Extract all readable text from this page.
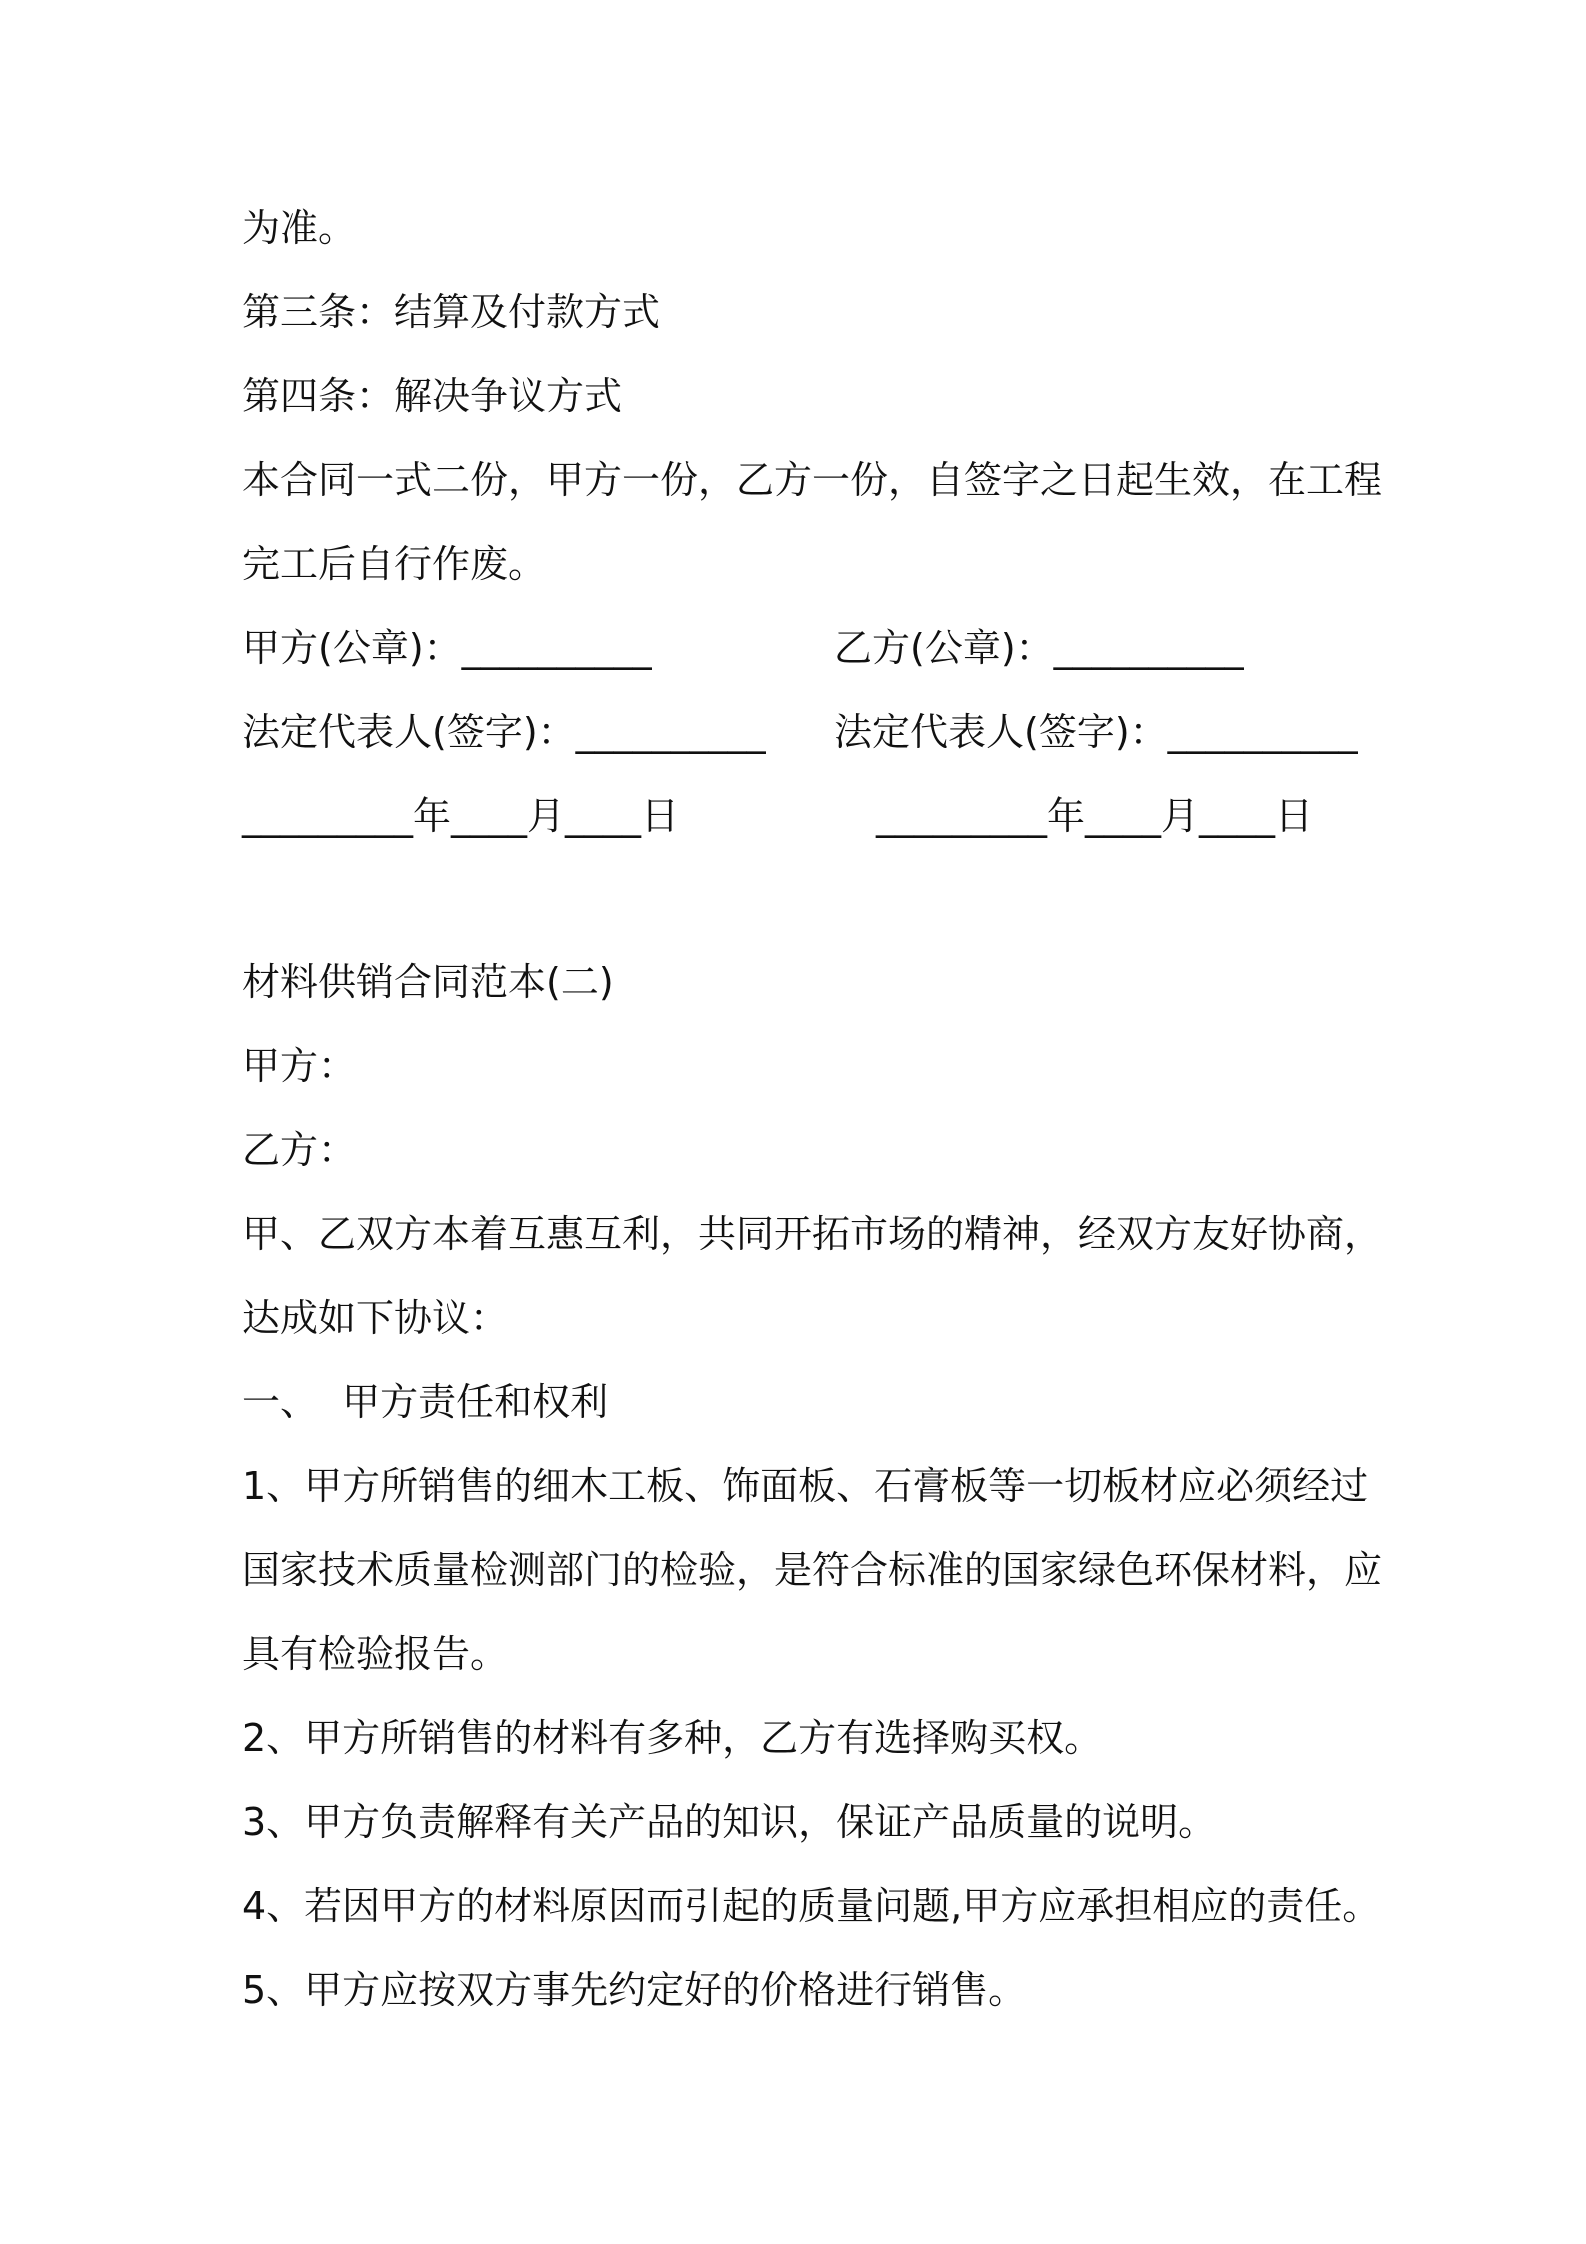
为准。
第三条：结算及付款方式
第四条：解决争议方式
本合同一式二份，甲方一份，乙方一份，自签字之日起生效，在工程
完工后自行作废。
甲方(公章)：__________	乙方(公章)：__________
法定代表人(签字)：__________ 法定代表人(签字)：__________
_________年____月____日	_________年____月____日
材料供销合同范本(二)
甲方：
乙方：
甲、乙双方本着互惠互利，共同开拓市场的精神，经双方友好协商，
达成如下协议：
一、  甲方责任和权利
1、甲方所销售的细木工板、饰面板、石膏板等一切板材应必须经过
国家技术质量检测部门的检验，是符合标准的国家绿色环保材料，应
具有检验报告。
2、甲方所销售的材料有多种，乙方有选择购买权。
3、甲方负责解释有关产品的知识，保证产品质量的说明。
4、若因甲方的材料原因而引起的质量问题,甲方应承担相应的责任。
5、甲方应按双方事先约定好的价格进行销售。
